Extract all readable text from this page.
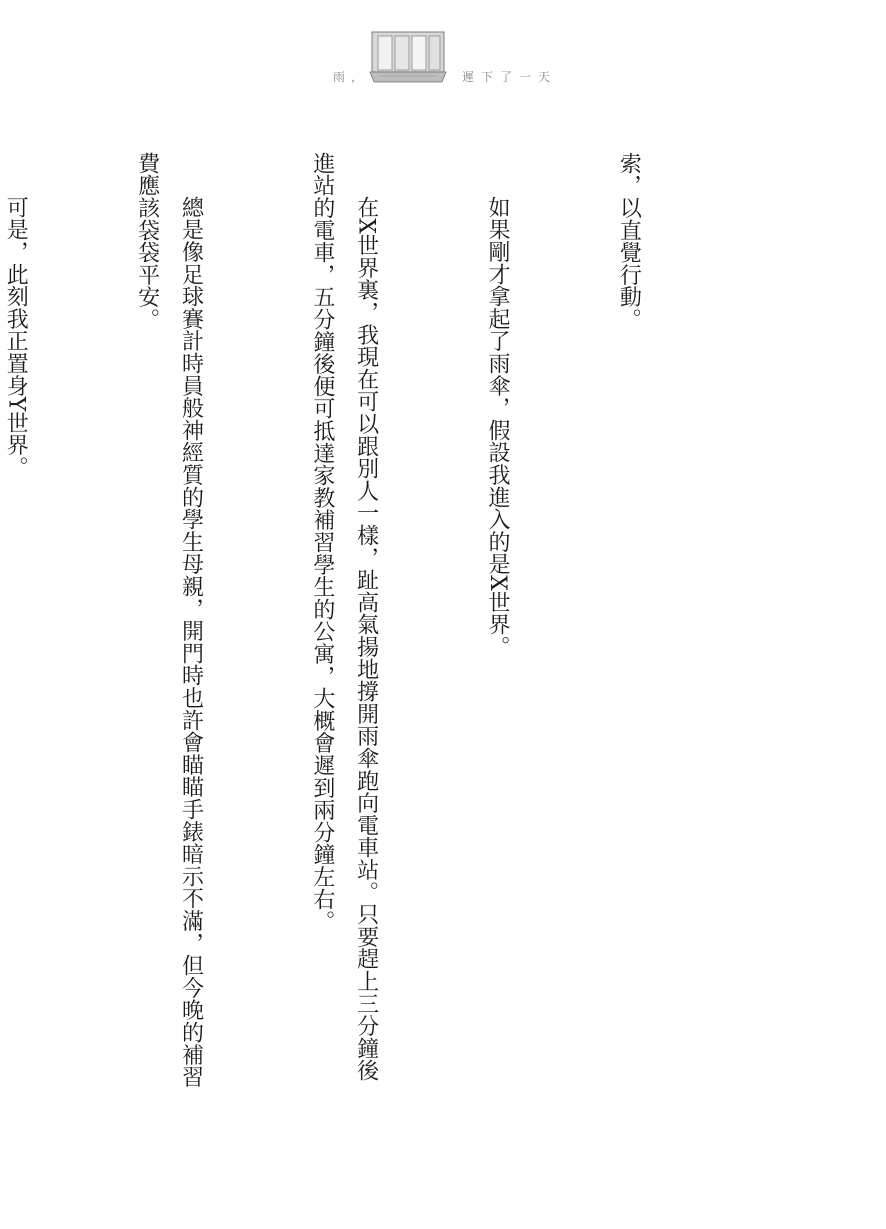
雨，	遲下了一天

索，以直覺行動。

如果剛才拿起了雨傘，假設我進入的是X世界。

在X世界裏，我現在可以跟別人一樣，趾高氣揚地撐開雨傘跑向電車站。只要趕上三分鐘後進站的電車，五分鐘後便可抵達家教補習學生的公寓，大概會遲到兩分鐘左右。

總是像足球賽計時員般神經質的學生母親，開門時也許會瞄瞄手錶暗示不滿，但今晚的補習費應該袋袋平安。

可是，此刻我正置身Y世界。
